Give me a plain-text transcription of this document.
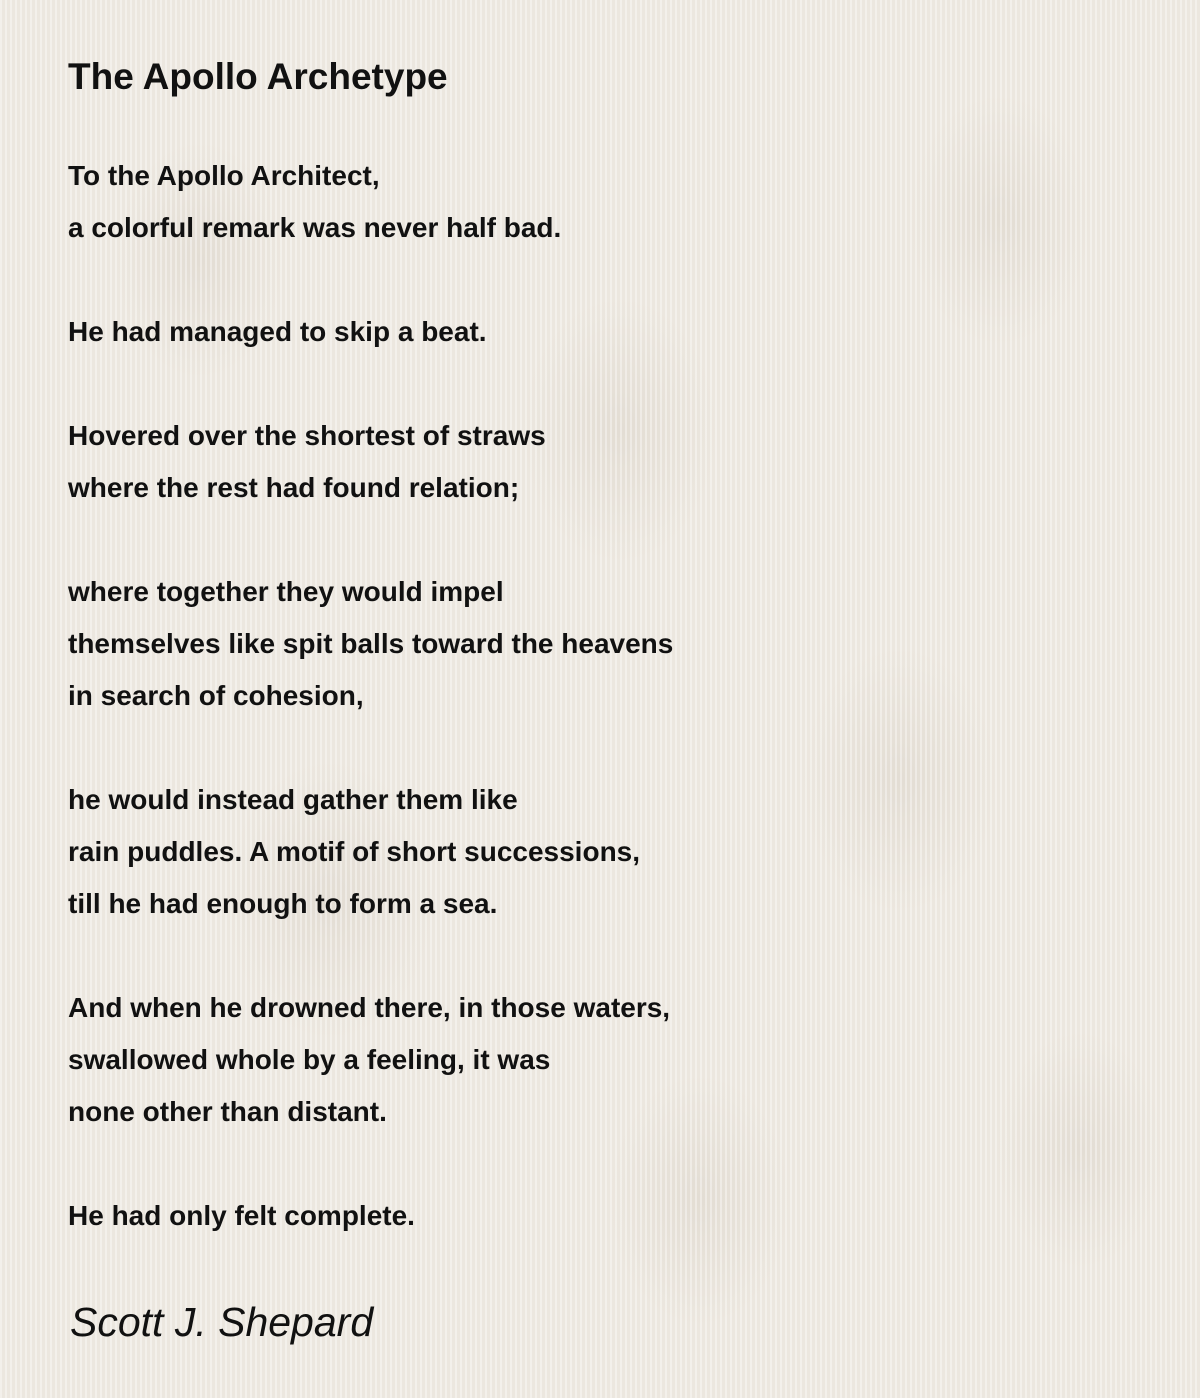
The Apollo Archetype
To the Apollo Architect,
a colorful remark was never half bad.
He had managed to skip a beat.
Hovered over the shortest of straws
where the rest had found relation;
where together they would impel
themselves like spit balls toward the heavens
in search of cohesion,
he would instead gather them like
rain puddles. A motif of short successions,
till he had enough to form a sea.
And when he drowned there, in those waters,
swallowed whole by a feeling, it was
none other than distant.
He had only felt complete.
Scott J. Shepard
